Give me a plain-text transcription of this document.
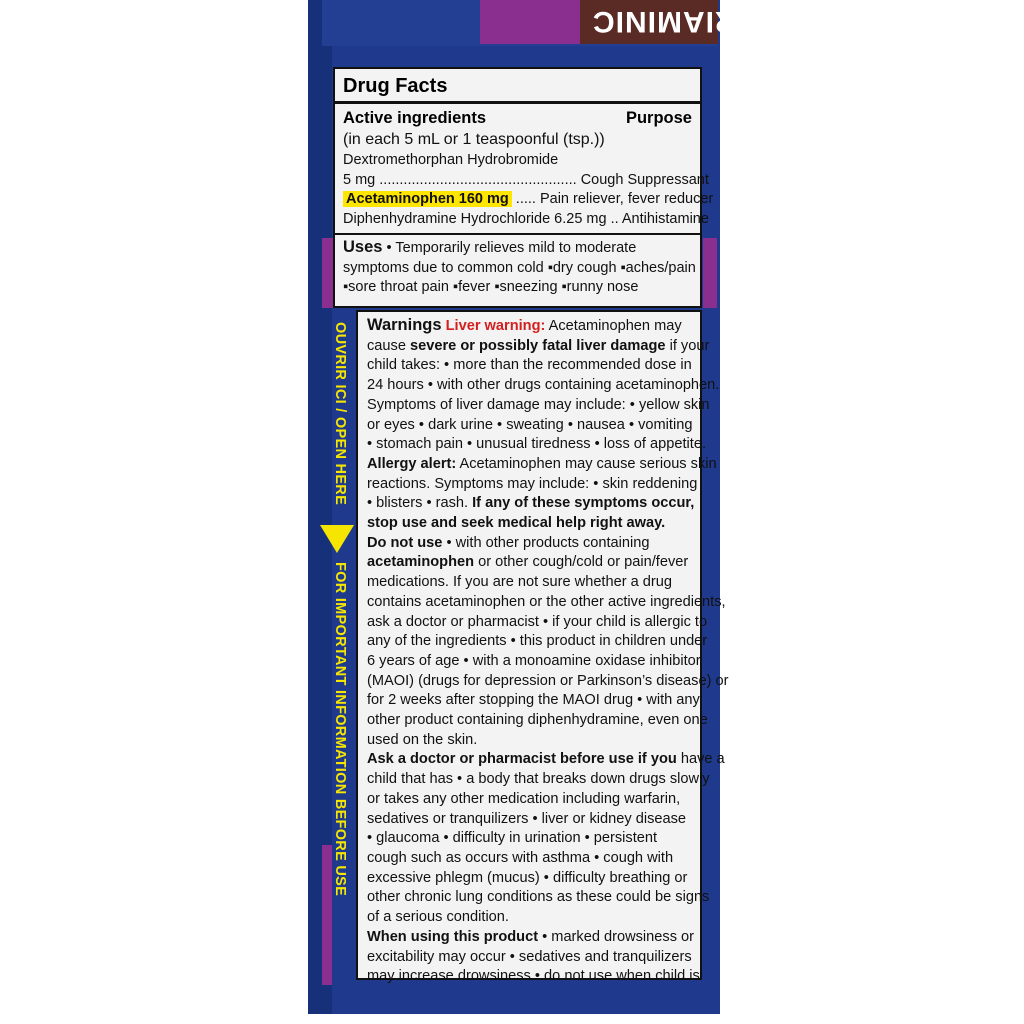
TRIAMINIC
OUVRIR ICI / OPEN HERE
FOR IMPORTANT INFORMATION BEFORE USE
Drug Facts
Active ingredients	Purpose
(in each 5 mL or 1 teaspoonful (tsp.))
Dextromethorphan Hydrobromide
5 mg ................................................. Cough Suppressant
Acetaminophen 160 mg ..... Pain reliever, fever reducer
Diphenhydramine Hydrochloride 6.25 mg .. Antihistamine
Uses • Temporarily relieves mild to moderate
symptoms due to common cold ▪dry cough ▪aches/pain
▪sore throat pain ▪fever ▪sneezing ▪runny nose
Warnings Liver warning: Acetaminophen may
cause severe or possibly fatal liver damage if your
child takes: • more than the recommended dose in
24 hours • with other drugs containing acetaminophen.
Symptoms of liver damage may include: • yellow skin
or eyes • dark urine • sweating • nausea • vomiting
• stomach pain • unusual tiredness • loss of appetite.
Allergy alert: Acetaminophen may cause serious skin
reactions. Symptoms may include: • skin reddening
• blisters • rash. If any of these symptoms occur,
stop use and seek medical help right away.
Do not use • with other products containing
acetaminophen or other cough/cold or pain/fever
medications. If you are not sure whether a drug
contains acetaminophen or the other active ingredients,
ask a doctor or pharmacist • if your child is allergic to
any of the ingredients • this product in children under
6 years of age • with a monoamine oxidase inhibitor
(MAOI) (drugs for depression or Parkinson’s disease) or
for 2 weeks after stopping the MAOI drug • with any
other product containing diphenhydramine, even one
used on the skin.
Ask a doctor or pharmacist before use if you have a
child that has • a body that breaks down drugs slowly
or takes any other medication including warfarin,
sedatives or tranquilizers • liver or kidney disease
• glaucoma • difficulty in urination • persistent
cough such as occurs with asthma • cough with
excessive phlegm (mucus) • difficulty breathing or
other chronic lung conditions as these could be signs
of a serious condition.
When using this product • marked drowsiness or
excitability may occur • sedatives and tranquilizers
may increase drowsiness • do not use when child is
